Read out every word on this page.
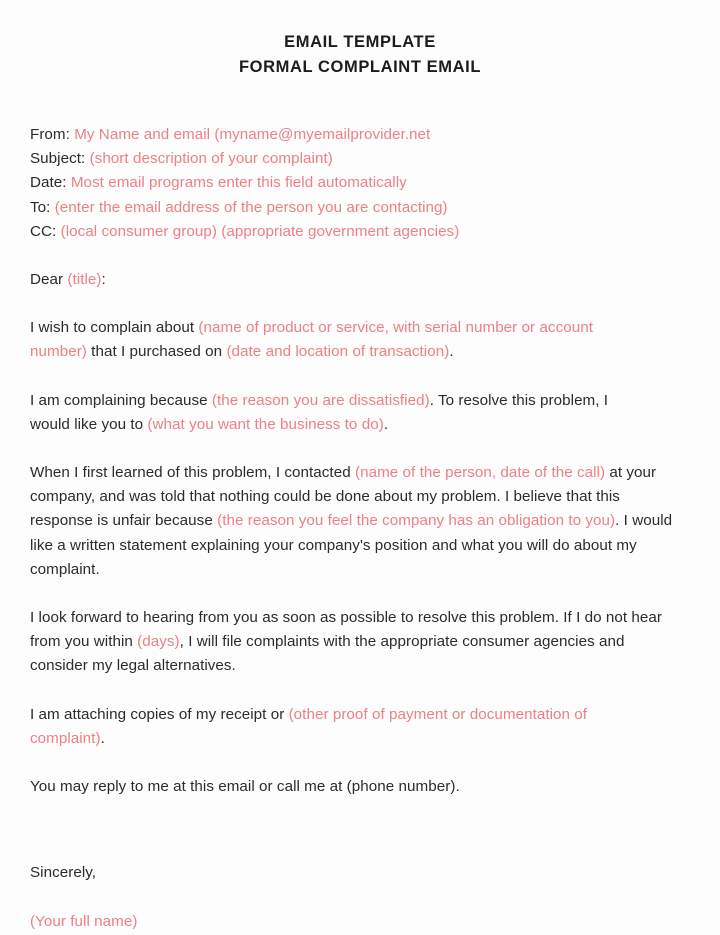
EMAIL TEMPLATE
FORMAL COMPLAINT EMAIL
From: My Name and email (myname@myemailprovider.net
Subject: (short description of your complaint)
Date: Most email programs enter this field automatically
To: (enter the email address of the person you are contacting)
CC: (local consumer group) (appropriate government agencies)
Dear (title):
I wish to complain about (name of product or service, with serial number or account number) that I purchased on (date and location of transaction).
I am complaining because (the reason you are dissatisfied). To resolve this problem, I would like you to (what you want the business to do).
When I first learned of this problem, I contacted (name of the person, date of the call) at your company, and was told that nothing could be done about my problem. I believe that this response is unfair because (the reason you feel the company has an obligation to you). I would like a written statement explaining your company's position and what you will do about my complaint.
I look forward to hearing from you as soon as possible to resolve this problem. If I do not hear from you within (days), I will file complaints with the appropriate consumer agencies and consider my legal alternatives.
I am attaching copies of my receipt or (other proof of payment or documentation of complaint).
You may reply to me at this email or call me at (phone number).
Sincerely,
(Your full name)
